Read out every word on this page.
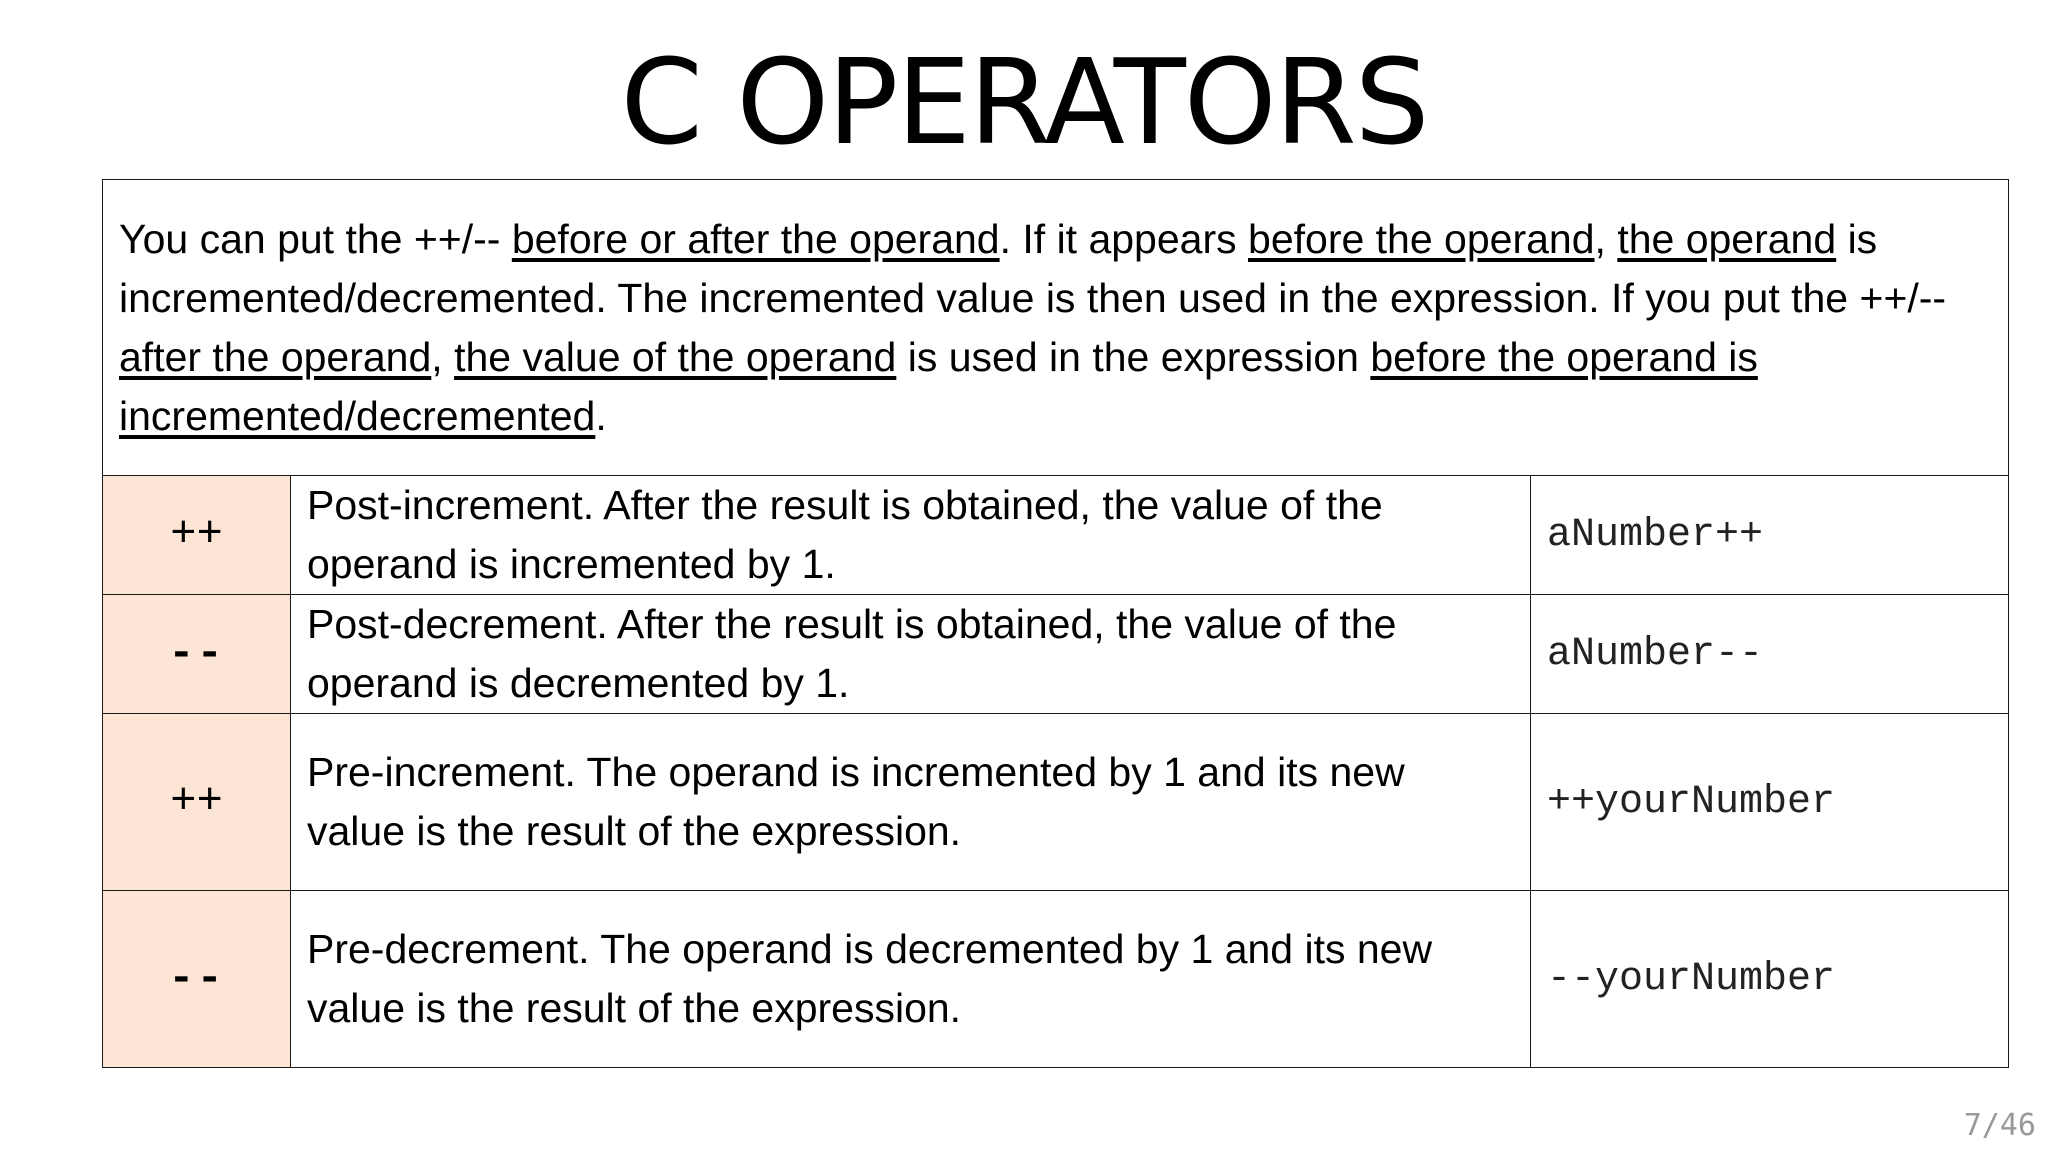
C OPERATORS
You can put the ++/-- before or after the operand. If it appears before the operand, the operand is incremented/decremented. The incremented value is then used in the expression. If you put the ++/-- after the operand, the value of the operand is used in the expression before the operand is incremented/decremented.		
++	Post-increment. After the result is obtained, the value of the operand is incremented by 1.	aNumber++
--	Post-decrement. After the result is obtained, the value of the operand is decremented by 1.	aNumber--
++	Pre-increment. The operand is incremented by 1 and its new value is the result of the expression.	++yourNumber
--	Pre-decrement. The operand is decremented by 1 and its new value is the result of the expression.	--yourNumber
7/46
